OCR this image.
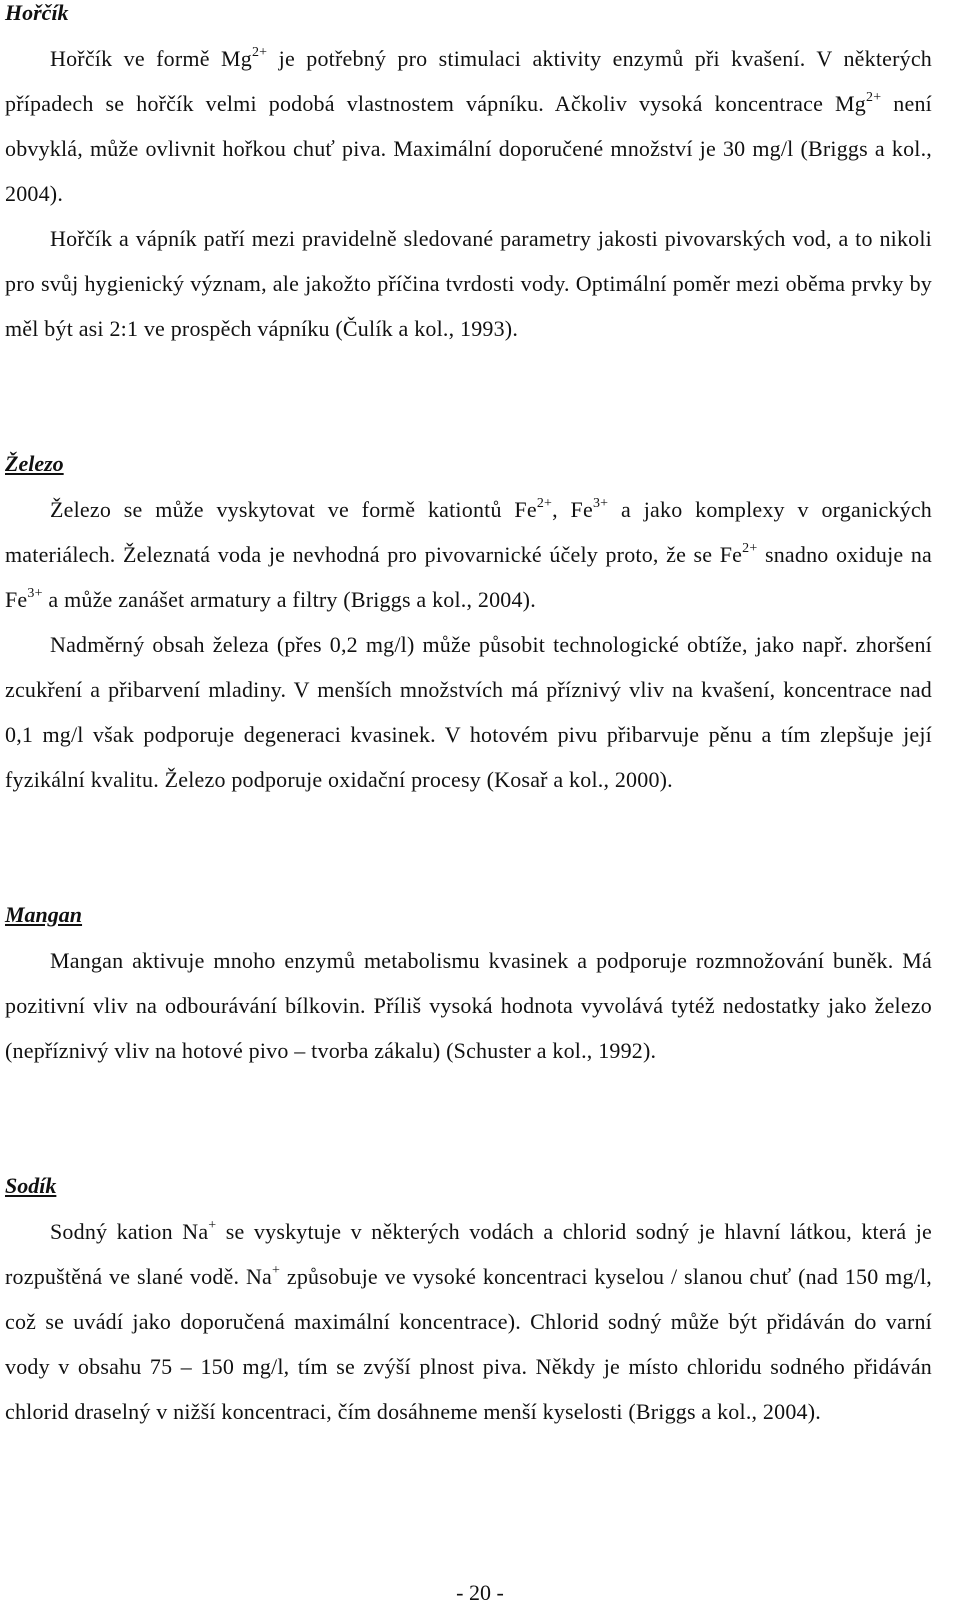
Hořčík

Hořčík ve formě $Mg^{2+}$ je potřebný pro stimulaci aktivity enzymů při kvašení. V některých případech se hořčík velmi podobá vlastnostem vápníku. Ačkoliv vysoká koncentrace $Mg^{2+}$ není obvyklá, může ovlivnit hořkou chuť piva. Maximální doporučené množství je 30 mg/l (Briggs a kol., 2004).

Hořčík a vápník patří mezi pravidelně sledované parametry jakosti pivovarských vod, a to nikoli pro svůj hygienický význam, ale jakožto příčina tvrdosti vody. Optimální poměr mezi oběma prvky by měl být asi 2:1 ve prospěch vápníku (Čulík a kol., 1993).

Železo

Železo se může vyskytovat ve formě kationtů $Fe^{2+}$, $Fe^{3+}$ a jako komplexy v organických materiálech. Železnatá voda je nevhodná pro pivovarnické účely proto, že se $Fe^{2+}$ snadno oxiduje na $Fe^{3+}$ a může zanášet armatury a filtry (Briggs a kol., 2004).

Nadměrný obsah železa (přes 0,2 mg/l) může působit technologické obtíže, jako např. zhoršení zcukření a přibarvení mladiny. V menších množstvích má příznivý vliv na kvašení, koncentrace nad 0,1 mg/l však podporuje degeneraci kvasinek. V hotovém pivu přibarvuje pěnu a tím zlepšuje její fyzikální kvalitu. Železo podporuje oxidační procesy (Kosař a kol., 2000).

Mangan

Mangan aktivuje mnoho enzymů metabolismu kvasinek a podporuje rozmnožování buněk. Má pozitivní vliv na odbourávání bílkovin. Příliš vysoká hodnota vyvolává tytéž nedostatky jako železo (nepříznivý vliv na hotové pivo – tvorba zákalu) (Schuster a kol., 1992).

Sodík

Sodný kation Na+ se vyskytuje v některých vodách a chlorid sodný je hlavní látkou, která je rozpuštěná ve slané vodě. Na+ způsobuje ve vysoké koncentraci kyselou / slanou chuť (nad 150 mg/l, což se uvádí jako doporučená maximální koncentrace). Chlorid sodný může být přidáván do varní vody v obsahu 75 – 150 mg/l, tím se zvýší plnost piva. Někdy je místo chloridu sodného přidáván chlorid draselný v nižší koncentraci, čím dosáhneme menší kyselosti (Briggs a kol., 2004).

- 20 -
